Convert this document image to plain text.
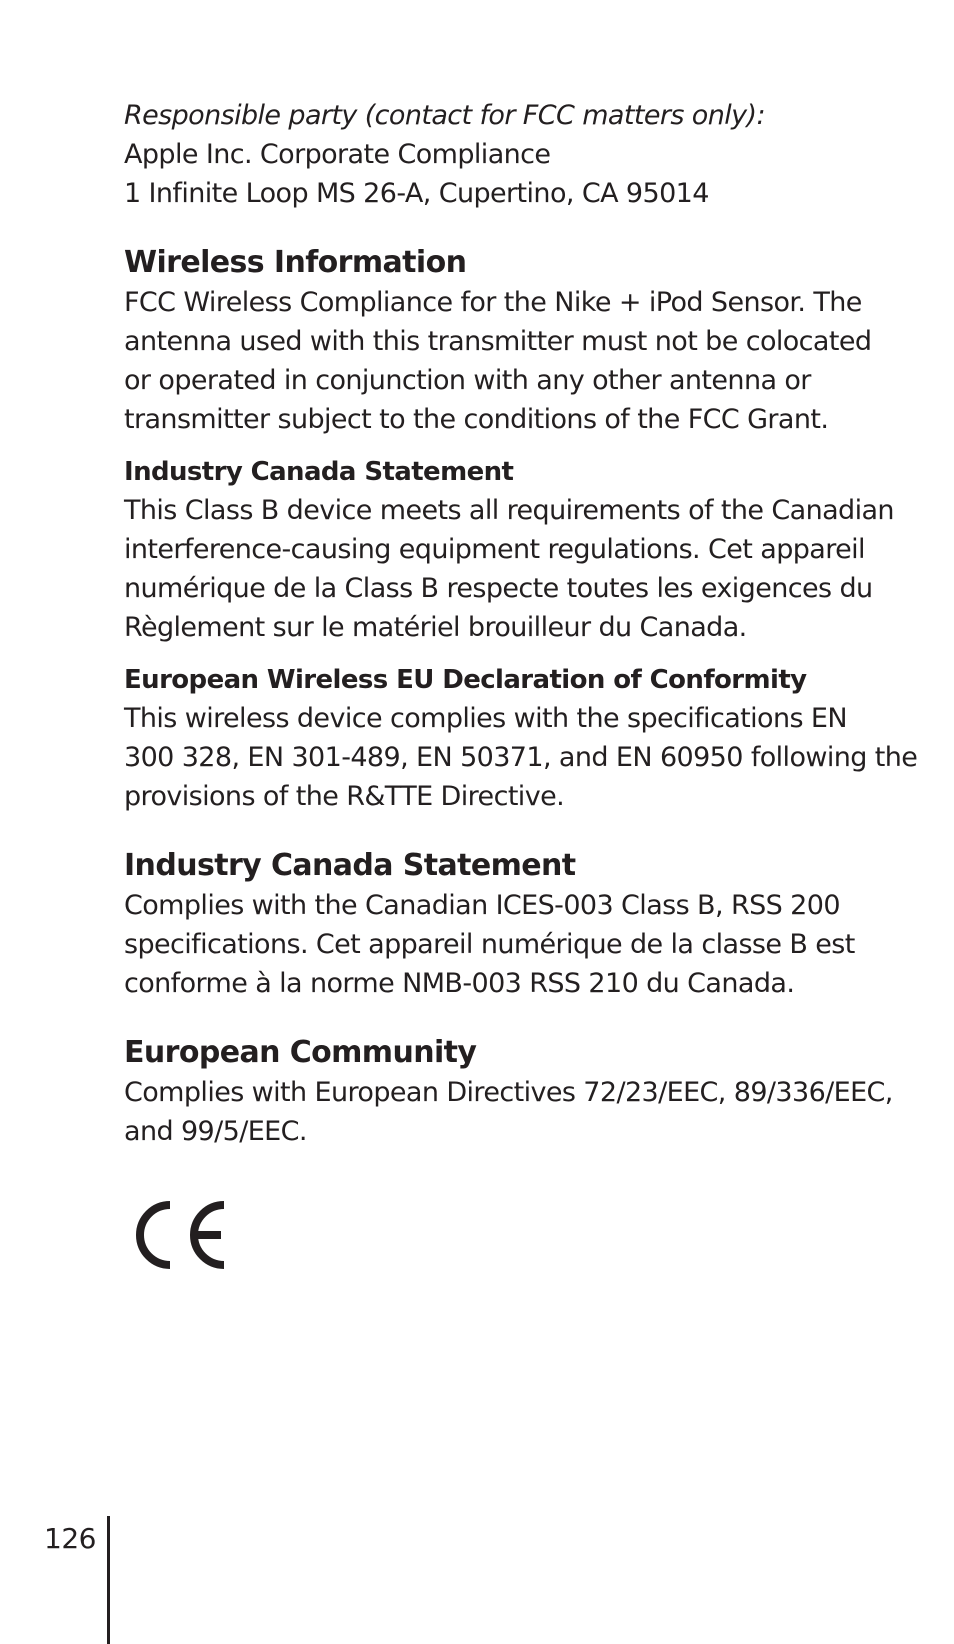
Responsible party (contact for FCC matters only):
Apple Inc. Corporate Compliance
1 Infinite Loop MS 26-A, Cupertino, CA 95014
Wireless Information
FCC Wireless Compliance for the Nike + iPod Sensor. The
antenna used with this transmitter must not be colocated
or operated in conjunction with any other antenna or
transmitter subject to the conditions of the FCC Grant.
Industry Canada Statement
This Class B device meets all requirements of the Canadian
interference-causing equipment regulations. Cet appareil
numérique de la Class B respecte toutes les exigences du
Règlement sur le matériel brouilleur du Canada.
European Wireless EU Declaration of Conformity
This wireless device complies with the specifications EN
300 328, EN 301-489, EN 50371, and EN 60950 following the
provisions of the R&TTE Directive.
Industry Canada Statement
Complies with the Canadian ICES-003 Class B, RSS 200
specifications. Cet appareil numérique de la classe B est
conforme à la norme NMB-003 RSS 210 du Canada.
European Community
Complies with European Directives 72/23/EEC, 89/336/EEC,
and 99/5/EEC.
126
